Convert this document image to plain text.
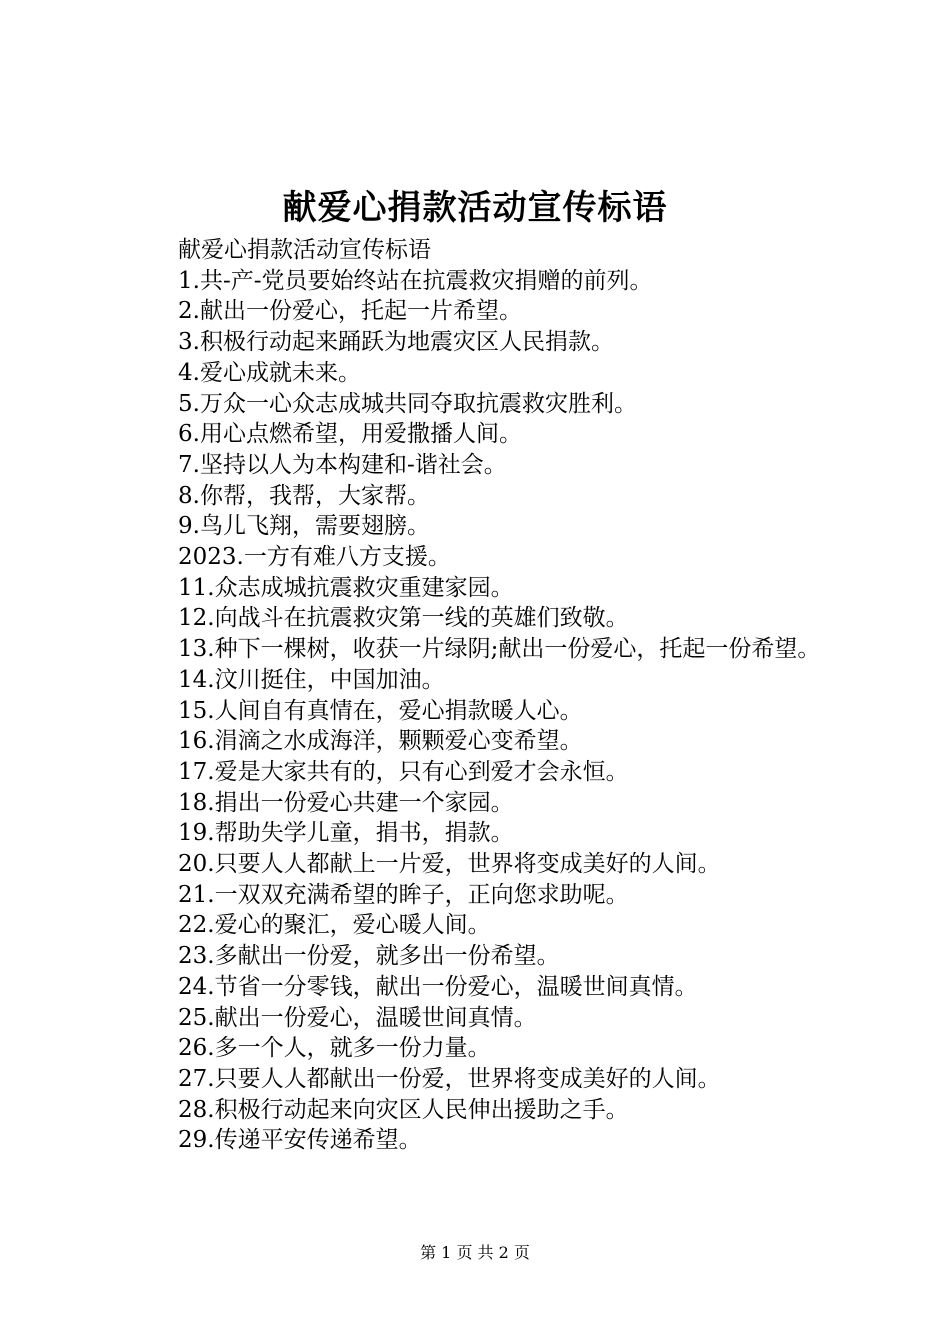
献爱心捐款活动宣传标语

献爱心捐款活动宣传标语

1.共-产-党员要始终站在抗震救灾捐赠的前列。

2.献出一份爱心，托起一片希望。

3.积极行动起来踊跃为地震灾区人民捐款。

4.爱心成就未来。

5.万众一心众志成城共同夺取抗震救灾胜利。

6.用心点燃希望，用爱撒播人间。

7.坚持以人为本构建和-谐社会。

8.你帮，我帮，大家帮。

9.鸟儿飞翔，需要翅膀。

2023.一方有难八方支援。

11.众志成城抗震救灾重建家园。

12.向战斗在抗震救灾第一线的英雄们致敬。

13.种下一棵树，收获一片绿阴;献出一份爱心，托起一份希望。

14.汶川挺住，中国加油。

15.人间自有真情在，爱心捐款暖人心。

16.涓滴之水成海洋，颗颗爱心变希望。

17.爱是大家共有的，只有心到爱才会永恒。

18.捐出一份爱心共建一个家园。

19.帮助失学儿童，捐书，捐款。

20.只要人人都献上一片爱，世界将变成美好的人间。

21.一双双充满希望的眸子，正向您求助呢。

22.爱心的聚汇，爱心暖人间。

23.多献出一份爱，就多出一份希望。

24.节省一分零钱，献出一份爱心，温暖世间真情。

25.献出一份爱心，温暖世间真情。

26.多一个人，就多一份力量。

27.只要人人都献出一份爱，世界将变成美好的人间。

28.积极行动起来向灾区人民伸出援助之手。

29.传递平安传递希望。

第 1 页 共 2 页
